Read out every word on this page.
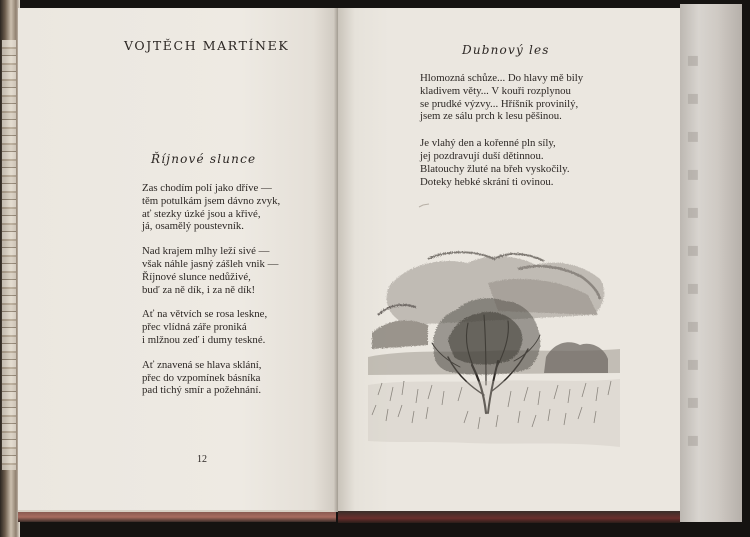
▪
▪
▪
▪
▪
▪
▪
▪
▪
▪
▪
VOJTĚCH MARTÍNEK
Říjnové slunce
Zas chodím polí jako dříve —
těm potulkám jsem dávno zvyk,
ať stezky úzké jsou a křivé,
já, osamělý poustevník.
Nad krajem mlhy leží sivé —
však náhle jasný zášleh vnik —
Říjnové slunce nedůživé,
buď za ně dík, i za ně dík!
Ať na větvích se rosa leskne,
přec vlídná záře proniká
i mlžnou zeď i dumy teskné.
Ať znavená se hlava sklání,
přec do vzpomínek básníka
pad tichý smír a požehnání.
12
Dubnový les
Hlomozná schůze... Do hlavy mě bily
kladivem věty... V kouři rozplynou
se prudké výzvy... Hříšník provinilý,
jsem ze sálu prch k lesu pěšinou.
Je vlahý den a kořenné pln síly,
jej pozdravují duší dětinnou.
Blatouchy žluté na břeh vyskočily.
Doteky hebké skrání ti ovinou.
